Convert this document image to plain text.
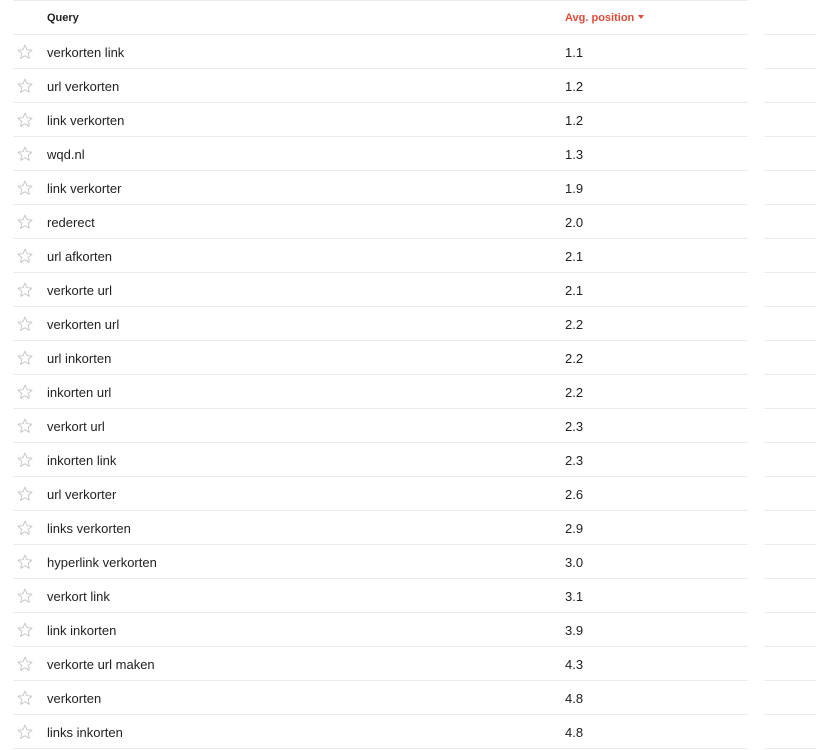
Query	Avg. position
verkorten link	1.1
url verkorten	1.2
link verkorten	1.2
wqd.nl	1.3
link verkorter	1.9
rederect	2.0
url afkorten	2.1
verkorte url	2.1
verkorten url	2.2
url inkorten	2.2
inkorten url	2.2
verkort url	2.3
inkorten link	2.3
url verkorter	2.6
links verkorten	2.9
hyperlink verkorten	3.0
verkort link	3.1
link inkorten	3.9
verkorte url maken	4.3
verkorten	4.8
links inkorten	4.8
